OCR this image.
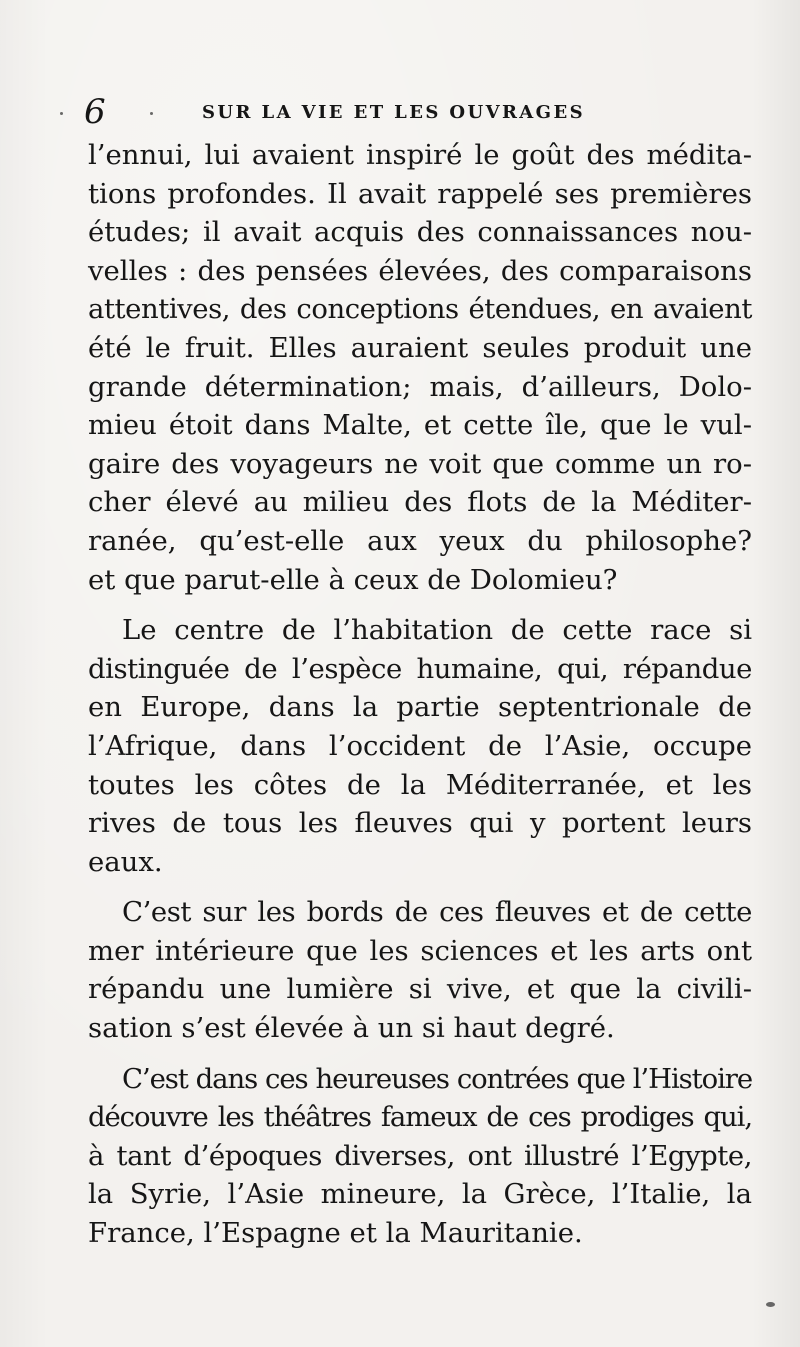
6	SUR LA VIE ET LES OUVRAGES
l’ennui, lui avaient inspiré le goût des médita-
tions profondes. Il avait rappelé ses premières
études; il avait acquis des connaissances nou-
velles : des pensées élevées, des comparaisons
attentives, des conceptions étendues, en avaient
été le fruit. Elles auraient seules produit une
grande détermination; mais, d’ailleurs, Dolo-
mieu étoit dans Malte, et cette île, que le vul-
gaire des voyageurs ne voit que comme un ro-
cher élevé au milieu des flots de la Méditer-
ranée, qu’est-elle aux yeux du philosophe?
et que parut-elle à ceux de Dolomieu?
Le centre de l’habitation de cette race si
distinguée de l’espèce humaine, qui, répandue
en Europe, dans la partie septentrionale de
l’Afrique, dans l’occident de l’Asie, occupe
toutes les côtes de la Méditerranée, et les
rives de tous les fleuves qui y portent leurs
eaux.
C’est sur les bords de ces fleuves et de cette
mer intérieure que les sciences et les arts ont
répandu une lumière si vive, et que la civili-
sation s’est élevée à un si haut degré.
C’est dans ces heureuses contrées que l’Histoire
découvre les théâtres fameux de ces prodiges qui,
à tant d’époques diverses, ont illustré l’Egypte,
la Syrie, l’Asie mineure, la Grèce, l’Italie, la
France, l’Espagne et la Mauritanie.
